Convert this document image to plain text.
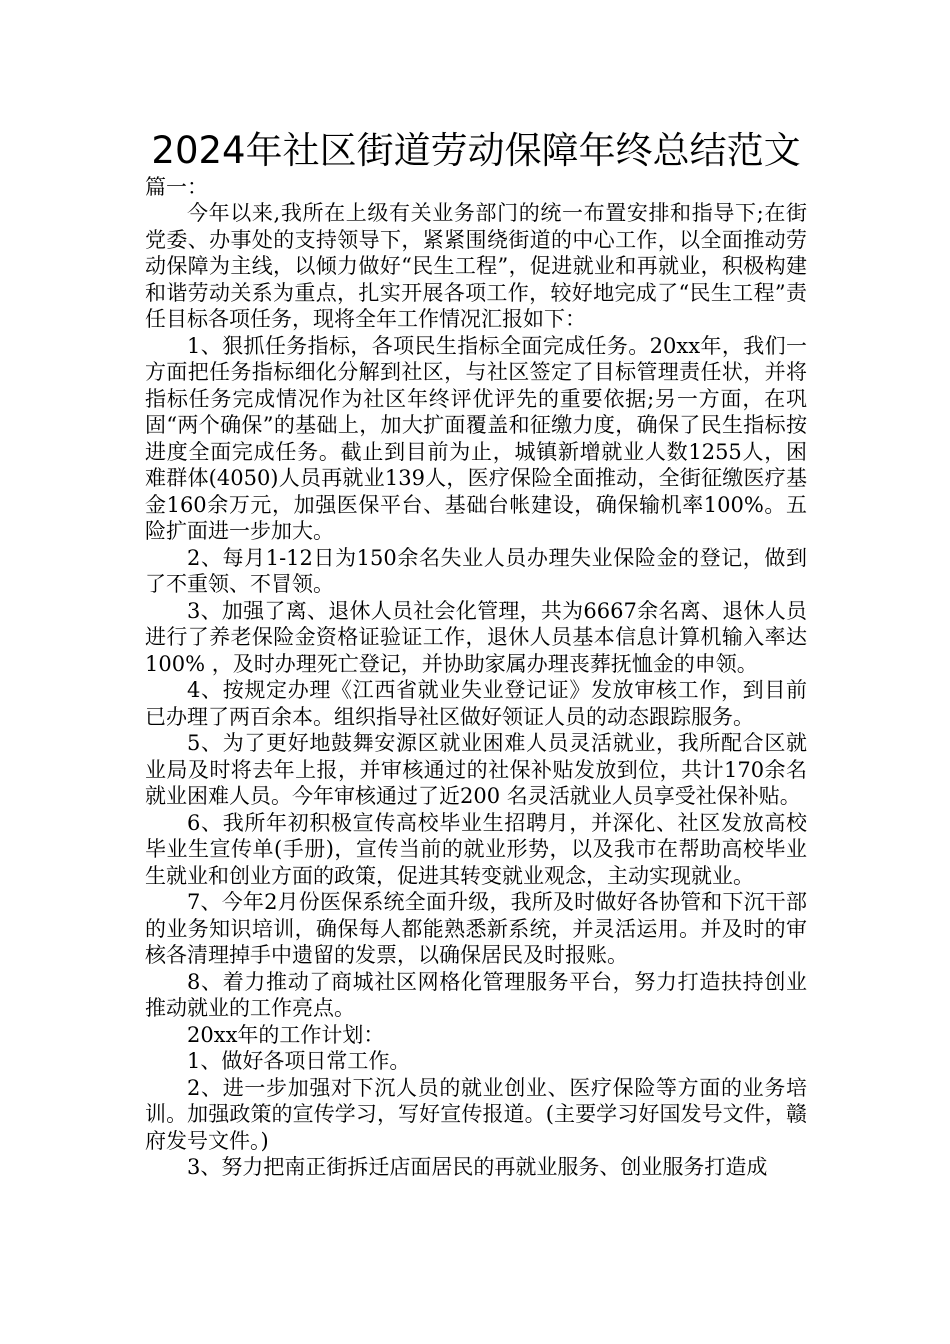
2024年社区街道劳动保障年终总结范文

篇一：

今年以来,我所在上级有关业务部门的统一布置安排和指导下;在街党委、办事处的支持领导下，紧紧围绕街道的中心工作，以全面推动劳动保障为主线，以倾力做好“民生工程”，促进就业和再就业，积极构建和谐劳动关系为重点，扎实开展各项工作，较好地完成了“民生工程”责任目标各项任务，现将全年工作情况汇报如下：

1、狠抓任务指标，各项民生指标全面完成任务。20xx年，我们一方面把任务指标细化分解到社区，与社区签定了目标管理责任状，并将指标任务完成情况作为社区年终评优评先的重要依据;另一方面，在巩固“两个确保”的基础上，加大扩面覆盖和征缴力度，确保了民生指标按进度全面完成任务。截止到目前为止，城镇新增就业人数1255人，困难群体(4050)人员再就业139人，医疗保险全面推动，全街征缴医疗基金160余万元，加强医保平台、基础台帐建设，确保输机率100%。五险扩面进一步加大。

2、每月1-12日为150余名失业人员办理失业保险金的登记，做到了不重领、不冒领。

3、加强了离、退休人员社会化管理，共为6667余名离、退休人员进行了养老保险金资格证验证工作，退休人员基本信息计算机输入率达100% ，及时办理死亡登记，并协助家属办理丧葬抚恤金的申领。

4、按规定办理《江西省就业失业登记证》发放审核工作，到目前已办理了两百余本。组织指导社区做好领证人员的动态跟踪服务。

5、为了更好地鼓舞安源区就业困难人员灵活就业，我所配合区就业局及时将去年上报，并审核通过的社保补贴发放到位，共计170余名就业困难人员。今年审核通过了近200 名灵活就业人员享受社保补贴。

6、我所年初积极宣传高校毕业生招聘月，并深化、社区发放高校毕业生宣传单(手册)，宣传当前的就业形势，以及我市在帮助高校毕业生就业和创业方面的政策，促进其转变就业观念，主动实现就业。

7、今年2月份医保系统全面升级，我所及时做好各协管和下沉干部的业务知识培训，确保每人都能熟悉新系统，并灵活运用。并及时的审核各清理掉手中遗留的发票，以确保居民及时报账。

8、着力推动了商城社区网格化管理服务平台，努力打造扶持创业推动就业的工作亮点。

20xx年的工作计划：

1、做好各项日常工作。

2、进一步加强对下沉人员的就业创业、医疗保险等方面的业务培训。加强政策的宣传学习，写好宣传报道。(主要学习好国发号文件，赣府发号文件。)

3、努力把南正街拆迁店面居民的再就业服务、创业服务打造成
